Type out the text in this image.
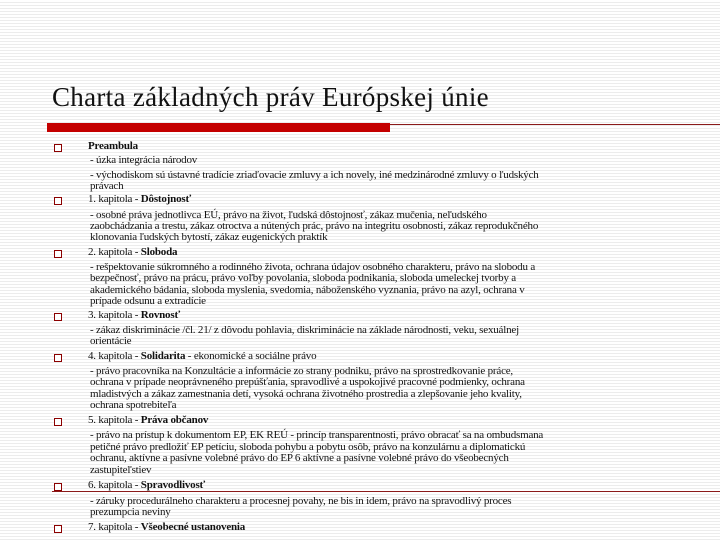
Charta základných práv Európskej únie
Preambula
- úzka integrácia národov
- východiskom sú ústavné tradície zriaďovacie zmluvy a ich novely, iné medzinárodné zmluvy o ľudských
právach
1. kapitola - Dôstojnosť
- osobné práva jednotlivca EÚ, právo na život, ľudská dôstojnosť, zákaz mučenia, neľudského
zaobchádzania a trestu, zákaz otroctva a nútených prác, právo na integritu osobnosti, zákaz reprodukčného
klonovania ľudských bytostí, zákaz eugenických praktík
2. kapitola - Sloboda
- rešpektovanie súkromného a rodinného života, ochrana údajov osobného charakteru, právo na slobodu a
bezpečnosť, právo na prácu, právo voľby povolania, sloboda podnikania, sloboda umeleckej tvorby a
akademického bádania, sloboda myslenia, svedomia, náboženského vyznania, právo na azyl, ochrana v
prípade odsunu a extradície
3. kapitola - Rovnosť
- zákaz diskriminácie /čl. 21/ z dôvodu pohlavia, diskriminácie na základe národnosti, veku, sexuálnej
orientácie
4. kapitola - Solidarita - ekonomické a sociálne právo
- právo pracovníka na Konzultácie a informácie zo strany podniku, právo na sprostredkovanie práce,
ochrana v prípade neoprávneného prepúšťania, spravodlivé a uspokojivé pracovné podmienky, ochrana
mladistvých a zákaz zamestnania detí, vysoká ochrana životného prostredia a zlepšovanie jeho kvality,
ochrana spotrebiteľa
5. kapitola - Práva občanov
- právo na prístup k dokumentom EP, EK REÚ - princíp transparentnosti, právo obracať sa na ombudsmana
petičné právo predložiť EP petíciu, sloboda pohybu a pobytu osôb, právo na konzulárnu a diplomatickú
ochranu, aktívne a pasívne volebné právo do EP 6 aktívne a pasívne volebné právo do všeobecných
zastupiteľstiev
6. kapitola - Spravodlivosť
- záruky procedurálneho charakteru a procesnej povahy, ne bis in idem, právo na spravodlivý proces
prezumpcia neviny
7. kapitola - Všeobecné ustanovenia
